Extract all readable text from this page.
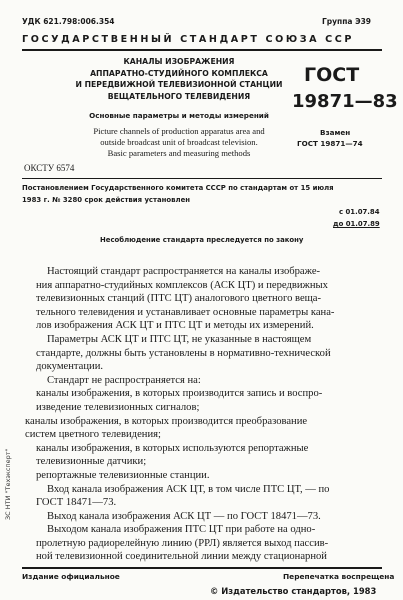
УДК 621.798:006.354	Группа Э39
ГОСУДАРСТВЕННЫЙ СТАНДАРТ СОЮЗА ССР
КАНАЛЫ ИЗОБРАЖЕНИЯ
АППАРАТНО-СТУДИЙНОГО КОМПЛЕКСА
И ПЕРЕДВИЖНОЙ ТЕЛЕВИЗИОННОЙ СТАНЦИИ
ВЕЩАТЕЛЬНОГО ТЕЛЕВИДЕНИЯ
Основные параметры и методы измерений
Picture channels of production apparatus area and
outside broadcast unit of broadcast television.
Basic parameters and measuring methods
ОКСТУ 6574
ГОСТ
19871—83
Взамен
ГОСТ 19871—74
Постановлением Государственного комитета СССР по стандартам от 15 июля
1983 г. № 3280 срок действия установлен
с 01.07.84
до 01.07.89
Несоблюдение стандарта преследуется по закону
Настоящий стандарт распространяется на каналы изображе-
ния аппаратно-студийных комплексов (АСК ЦТ) и передвижных
телевизионных станций (ПТС ЦТ) аналогового цветного веща-
тельного телевидения и устанавливает основные параметры кана-
лов изображения АСК ЦТ и ПТС ЦТ и методы их измерений.
Параметры АСК ЦТ и ПТС ЦТ, не указанные в настоящем
стандарте, должны быть установлены в нормативно-технической
документации.
Стандарт не распространяется на:
каналы изображения, в которых производится запись и воспро-
изведение телевизионных сигналов;
каналы изображения, в которых производится преобразование
систем цветного телевидения;
каналы изображения, в которых используются репортажные
телевизионные датчики;
репортажные телевизионные станции.
Вход канала изображения АСК ЦТ, в том числе ПТС ЦТ, — по
ГОСТ 18471—73.
Выход канала изображения АСК ЦТ — по ГОСТ 18471—73.
Выходом канала изображения ПТС ЦТ при работе на одно-
пролетную радиорелейную линию (РРЛ) является выход пассив-
ной телевизионной соединительной линии между стационарной
ЗС НТИ "Техэксперт"
Издание официальное	Перепечатка воспрещена
© Издательство стандартов, 1983
